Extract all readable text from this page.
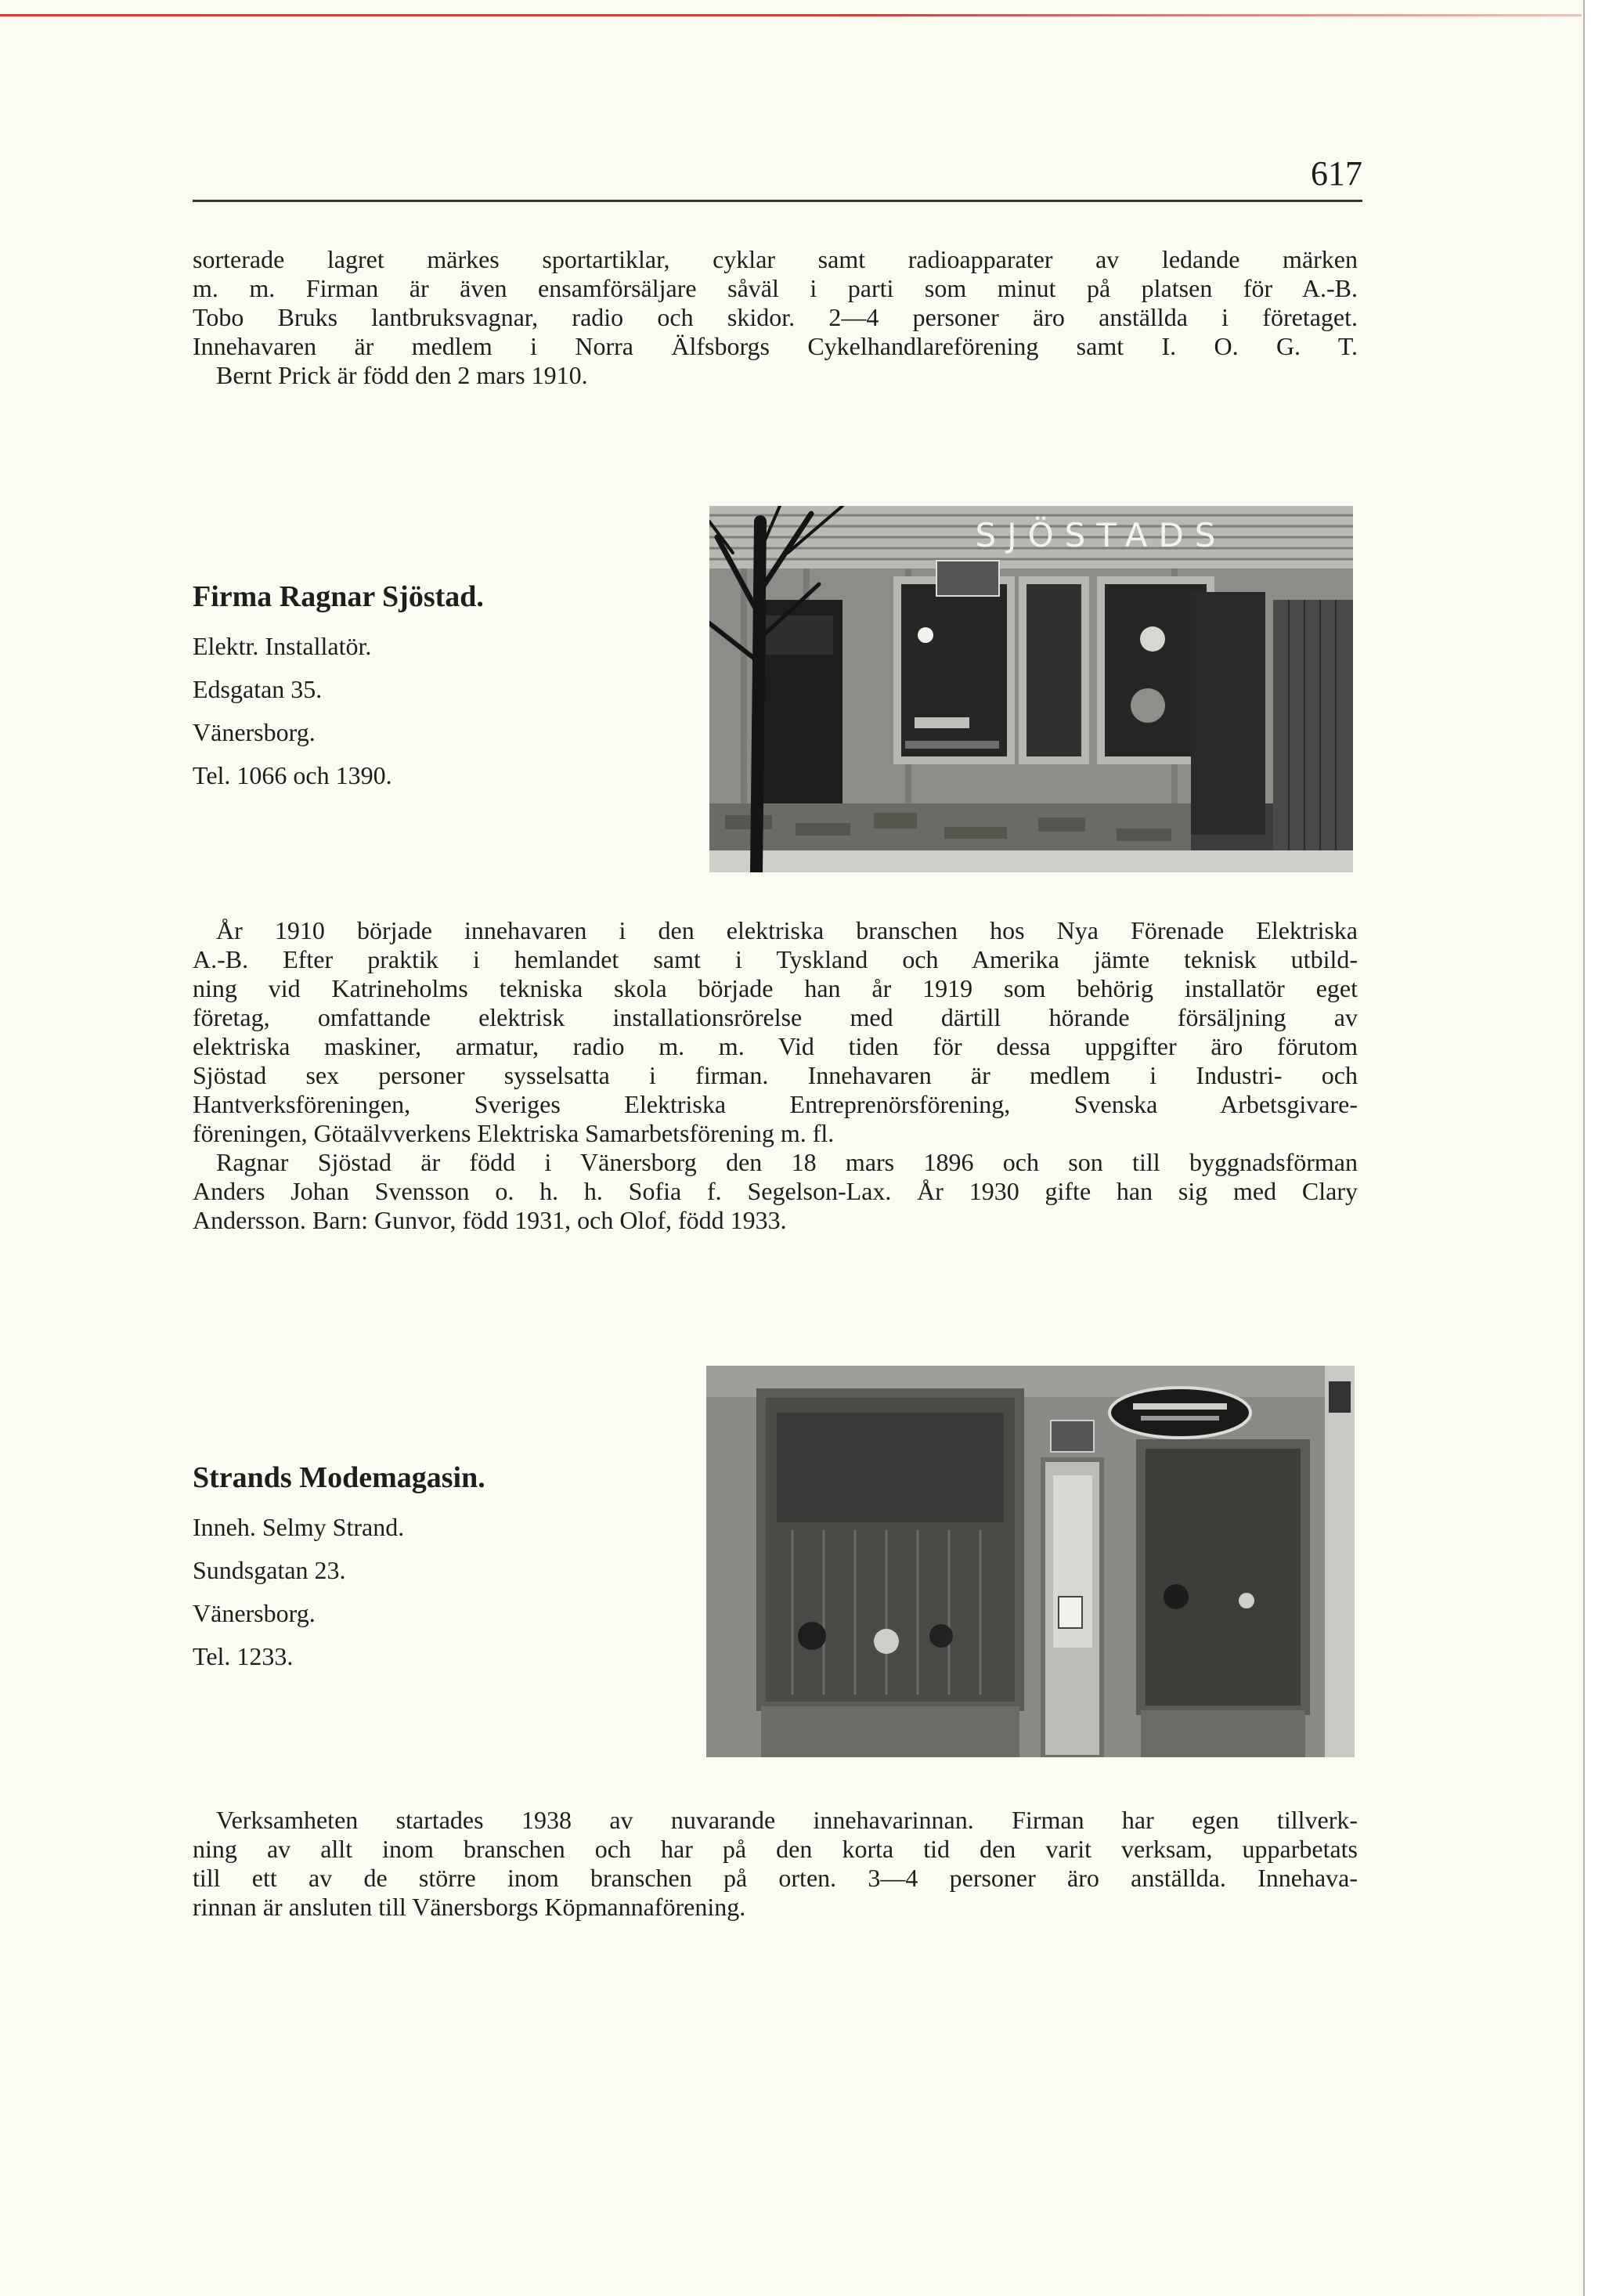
617

sorterade lagret märkes sportartiklar, cyklar samt radioapparater av ledande märken

m. m. Firman är även ensamförsäljare såväl i parti som minut på platsen för A.-B.

Tobo Bruks lantbruksvagnar, radio och skidor. 2—4 personer äro anställda i företaget.

Innehavaren är medlem i Norra Älfsborgs Cykelhandlareförening samt I. O. G. T.

Bernt Prick är född den 2 mars 1910.

Firma Ragnar Sjöstad.
Elektr. Installatör.
Edsgatan 35.
Vänersborg.
Tel. 1066 och 1390.
SJÖSTADS

År 1910 började innehavaren i den elektriska branschen hos Nya Förenade Elektriska

A.-B. Efter praktik i hemlandet samt i Tyskland och Amerika jämte teknisk utbild-

ning vid Katrineholms tekniska skola började han år 1919 som behörig installatör eget

företag, omfattande elektrisk installationsrörelse med därtill hörande försäljning av

elektriska maskiner, armatur, radio m. m. Vid tiden för dessa uppgifter äro förutom

Sjöstad sex personer sysselsatta i firman. Innehavaren är medlem i Industri- och

Hantverksföreningen, Sveriges Elektriska Entreprenörsförening, Svenska Arbetsgivare-

föreningen, Götaälvverkens Elektriska Samarbetsförening m. fl.

Ragnar Sjöstad är född i Vänersborg den 18 mars 1896 och son till byggnadsförman

Anders Johan Svensson o. h. h. Sofia f. Segelson-Lax. År 1930 gifte han sig med Clary

Andersson. Barn: Gunvor, född 1931, och Olof, född 1933.

Strands Modemagasin.
Inneh. Selmy Strand.
Sundsgatan 23.
Vänersborg.
Tel. 1233.

Verksamheten startades 1938 av nuvarande innehavarinnan. Firman har egen tillverk-

ning av allt inom branschen och har på den korta tid den varit verksam, upparbetats

till ett av de större inom branschen på orten. 3—4 personer äro anställda. Innehava-

rinnan är ansluten till Vänersborgs Köpmannaförening.
